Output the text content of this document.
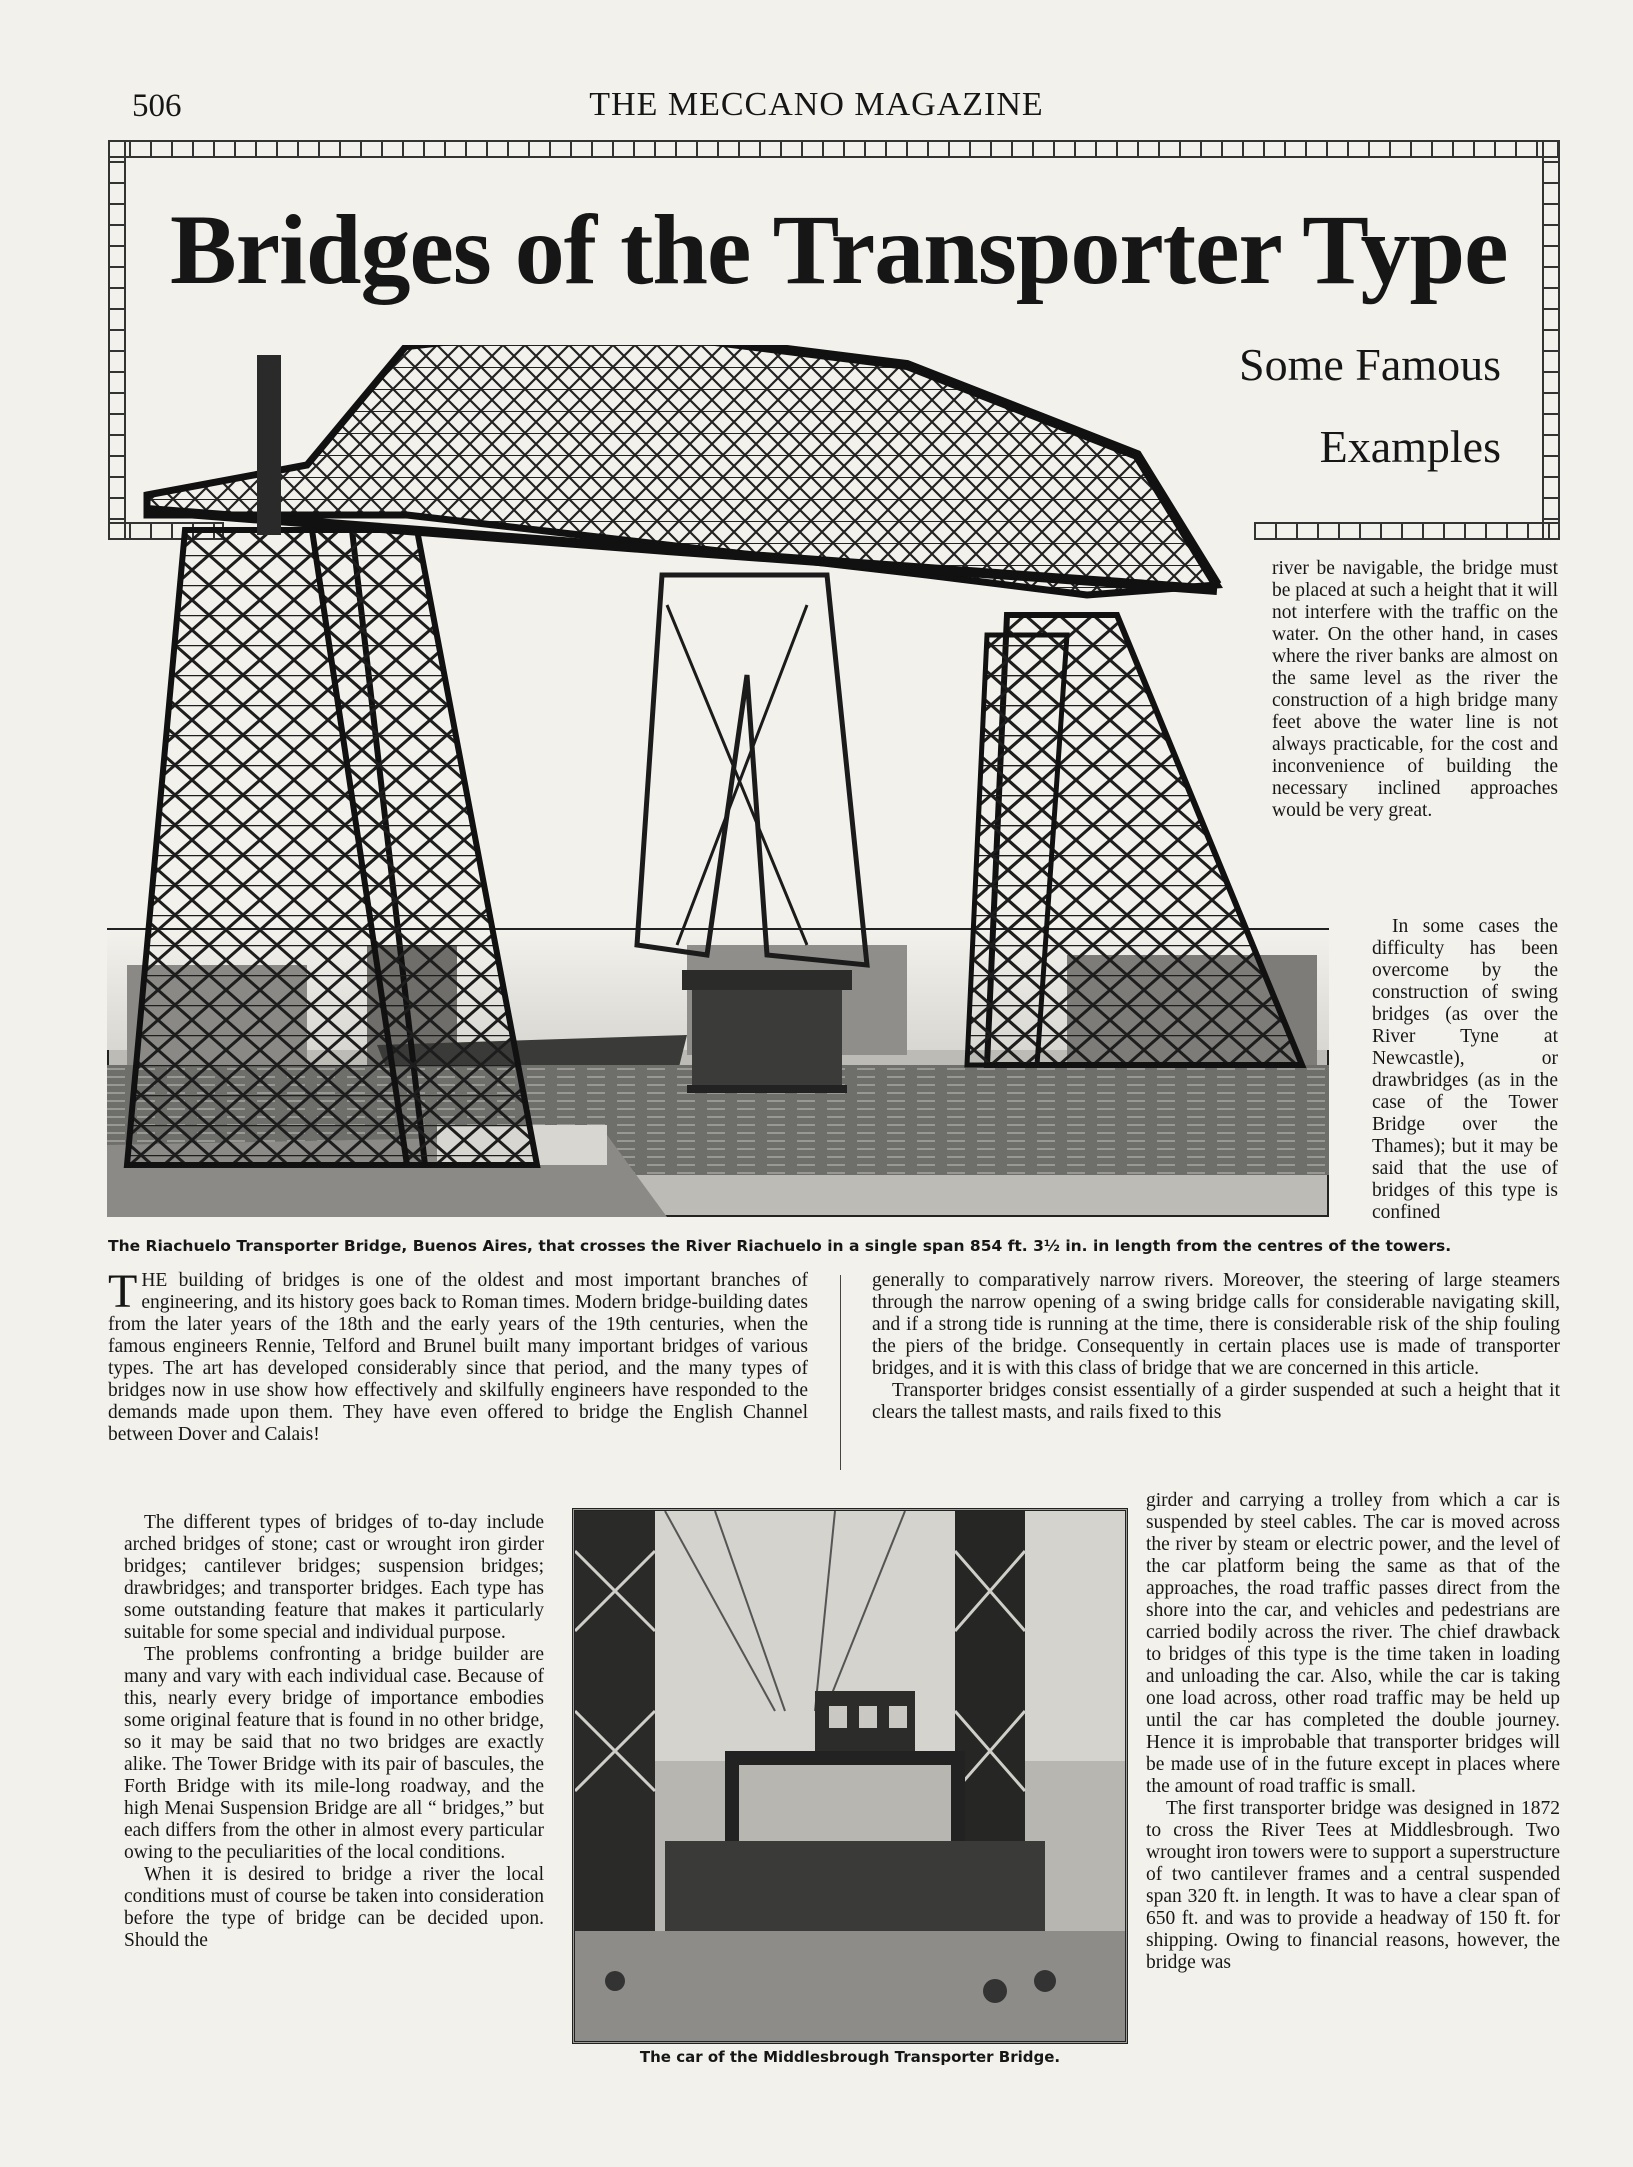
506	THE MECCANO MAGAZINE
Bridges of the Transporter Type
Some Famous
Examples
The Riachuelo Transporter Bridge, Buenos Aires, that crosses the River Riachuelo in a single span 854 ft. 3½ in. in length from the centres of the towers.

river be navigable, the bridge must be placed at such a height that it will not interfere with the traffic on the water. On the other hand, in cases where the river banks are almost on the same level as the river the construction of a high bridge many feet above the water line is not always practicable, for the cost and inconvenience of building the necessary inclined approaches would be very great.

In some cases the difficulty has been overcome by the construction of swing bridges (as over the River Tyne at Newcastle), or drawbridges (as in the case of the Tower Bridge over the Thames); but it may be said that the use of bridges of this type is confined

THE building of bridges is one of the oldest and most important branches of engineering, and its history goes back to Roman times. Modern bridge-building dates from the later years of the 18th and the early years of the 19th centuries, when the famous engineers Rennie, Telford and Brunel built many important bridges of various types. The art has developed considerably since that period, and the many types of bridges now in use show how effectively and skilfully engineers have responded to the demands made upon them. They have even offered to bridge the English Channel between Dover and Calais!

The different types of bridges of to-day include arched bridges of stone; cast or wrought iron girder bridges; cantilever bridges; suspension bridges; drawbridges; and transporter bridges. Each type has some outstanding feature that makes it particularly suitable for some special and individual purpose.

The problems confronting a bridge builder are many and vary with each individual case. Because of this, nearly every bridge of importance embodies some original feature that is found in no other bridge, so it may be said that no two bridges are exactly alike. The Tower Bridge with its pair of bascules, the Forth Bridge with its mile-long roadway, and the high Menai Suspension Bridge are all “ bridges,” but each differs from the other in almost every particular owing to the peculiarities of the local conditions.

When it is desired to bridge a river the local conditions must of course be taken into consideration before the type of bridge can be decided upon. Should the

generally to comparatively narrow rivers. Moreover, the steering of large steamers through the narrow opening of a swing bridge calls for considerable navigating skill, and if a strong tide is running at the time, there is considerable risk of the ship fouling the piers of the bridge. Consequently in certain places use is made of transporter bridges, and it is with this class of bridge that we are concerned in this article.

Transporter bridges consist essentially of a girder suspended at such a height that it clears the tallest masts, and rails fixed to this

The car of the Middlesbrough Transporter Bridge.

girder and carrying a trolley from which a car is suspended by steel cables. The car is moved across the river by steam or electric power, and the level of the car platform being the same as that of the approaches, the road traffic passes direct from the shore into the car, and vehicles and pedestrians are carried bodily across the river. The chief drawback to bridges of this type is the time taken in loading and unloading the car. Also, while the car is taking one load across, other road traffic may be held up until the car has completed the double journey. Hence it is improbable that transporter bridges will be made use of in the future except in places where the amount of road traffic is small.

The first transporter bridge was designed in 1872 to cross the River Tees at Middlesbrough. Two wrought iron towers were to support a superstructure of two cantilever frames and a central suspended span 320 ft. in length. It was to have a clear span of 650 ft. and was to provide a headway of 150 ft. for shipping. Owing to financial reasons, however, the bridge was
